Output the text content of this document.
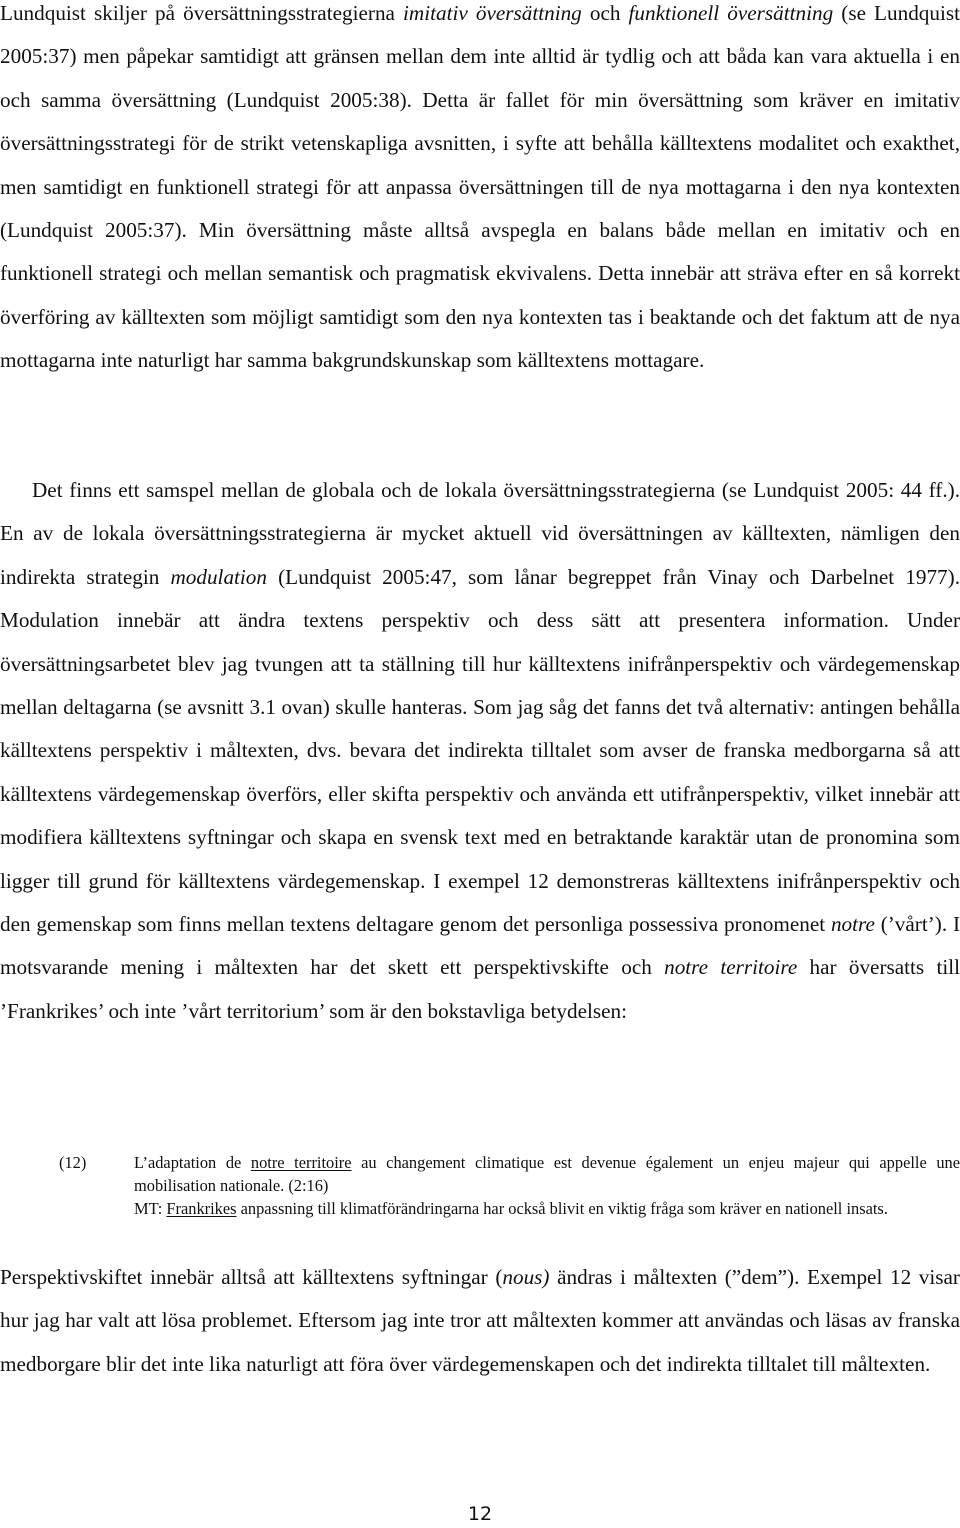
Lundquist skiljer på översättningsstrategierna imitativ översättning och funktionell översättning (se Lundquist 2005:37) men påpekar samtidigt att gränsen mellan dem inte alltid är tydlig och att båda kan vara aktuella i en och samma översättning (Lundquist 2005:38). Detta är fallet för min översättning som kräver en imitativ översättningsstrategi för de strikt vetenskapliga avsnitten, i syfte att behålla källtextens modalitet och exakthet, men samtidigt en funktionell strategi för att anpassa översättningen till de nya mottagarna i den nya kontexten (Lundquist 2005:37). Min översättning måste alltså avspegla en balans både mellan en imitativ och en funktionell strategi och mellan semantisk och pragmatisk ekvivalens. Detta innebär att sträva efter en så korrekt överföring av källtexten som möjligt samtidigt som den nya kontexten tas i beaktande och det faktum att de nya mottagarna inte naturligt har samma bakgrundskunskap som källtextens mottagare.

Det finns ett samspel mellan de globala och de lokala översättningsstrategierna (se Lundquist 2005: 44 ff.). En av de lokala översättningsstrategierna är mycket aktuell vid översättningen av källtexten, nämligen den indirekta strategin modulation (Lundquist 2005:47, som lånar begreppet från Vinay och Darbelnet 1977). Modulation innebär att ändra textens perspektiv och dess sätt att presentera information. Under översättningsarbetet blev jag tvungen att ta ställning till hur källtextens inifrånperspektiv och värdegemenskap mellan deltagarna (se avsnitt 3.1 ovan) skulle hanteras. Som jag såg det fanns det två alternativ: antingen behålla källtextens perspektiv i måltexten, dvs. bevara det indirekta tilltalet som avser de franska medborgarna så att källtextens värdegemenskap överförs, eller skifta perspektiv och använda ett utifrånperspektiv, vilket innebär att modifiera källtextens syftningar och skapa en svensk text med en betraktande karaktär utan de pronomina som ligger till grund för källtextens värdegemenskap. I exempel 12 demonstreras källtextens inifrånperspektiv och den gemenskap som finns mellan textens deltagare genom det personliga possessiva pronomenet notre (’vårt’). I motsvarande mening i måltexten har det skett ett perspektivskifte och notre territoire har översatts till ’Frankrikes’ och inte ’vårt territorium’ som är den bokstavliga betydelsen:

(12)	L’adaptation de notre territoire au changement climatique est devenue également un enjeu majeur qui appelle une mobilisation nationale. (2:16)

MT: Frankrikes anpassning till klimatförändringarna har också blivit en viktig fråga som kräver en nationell insats.

Perspektivskiftet innebär alltså att källtextens syftningar (nous) ändras i måltexten (”dem”). Exempel 12 visar hur jag har valt att lösa problemet. Eftersom jag inte tror att måltexten kommer att användas och läsas av franska medborgare blir det inte lika naturligt att föra över värdegemenskapen och det indirekta tilltalet till måltexten.

12
